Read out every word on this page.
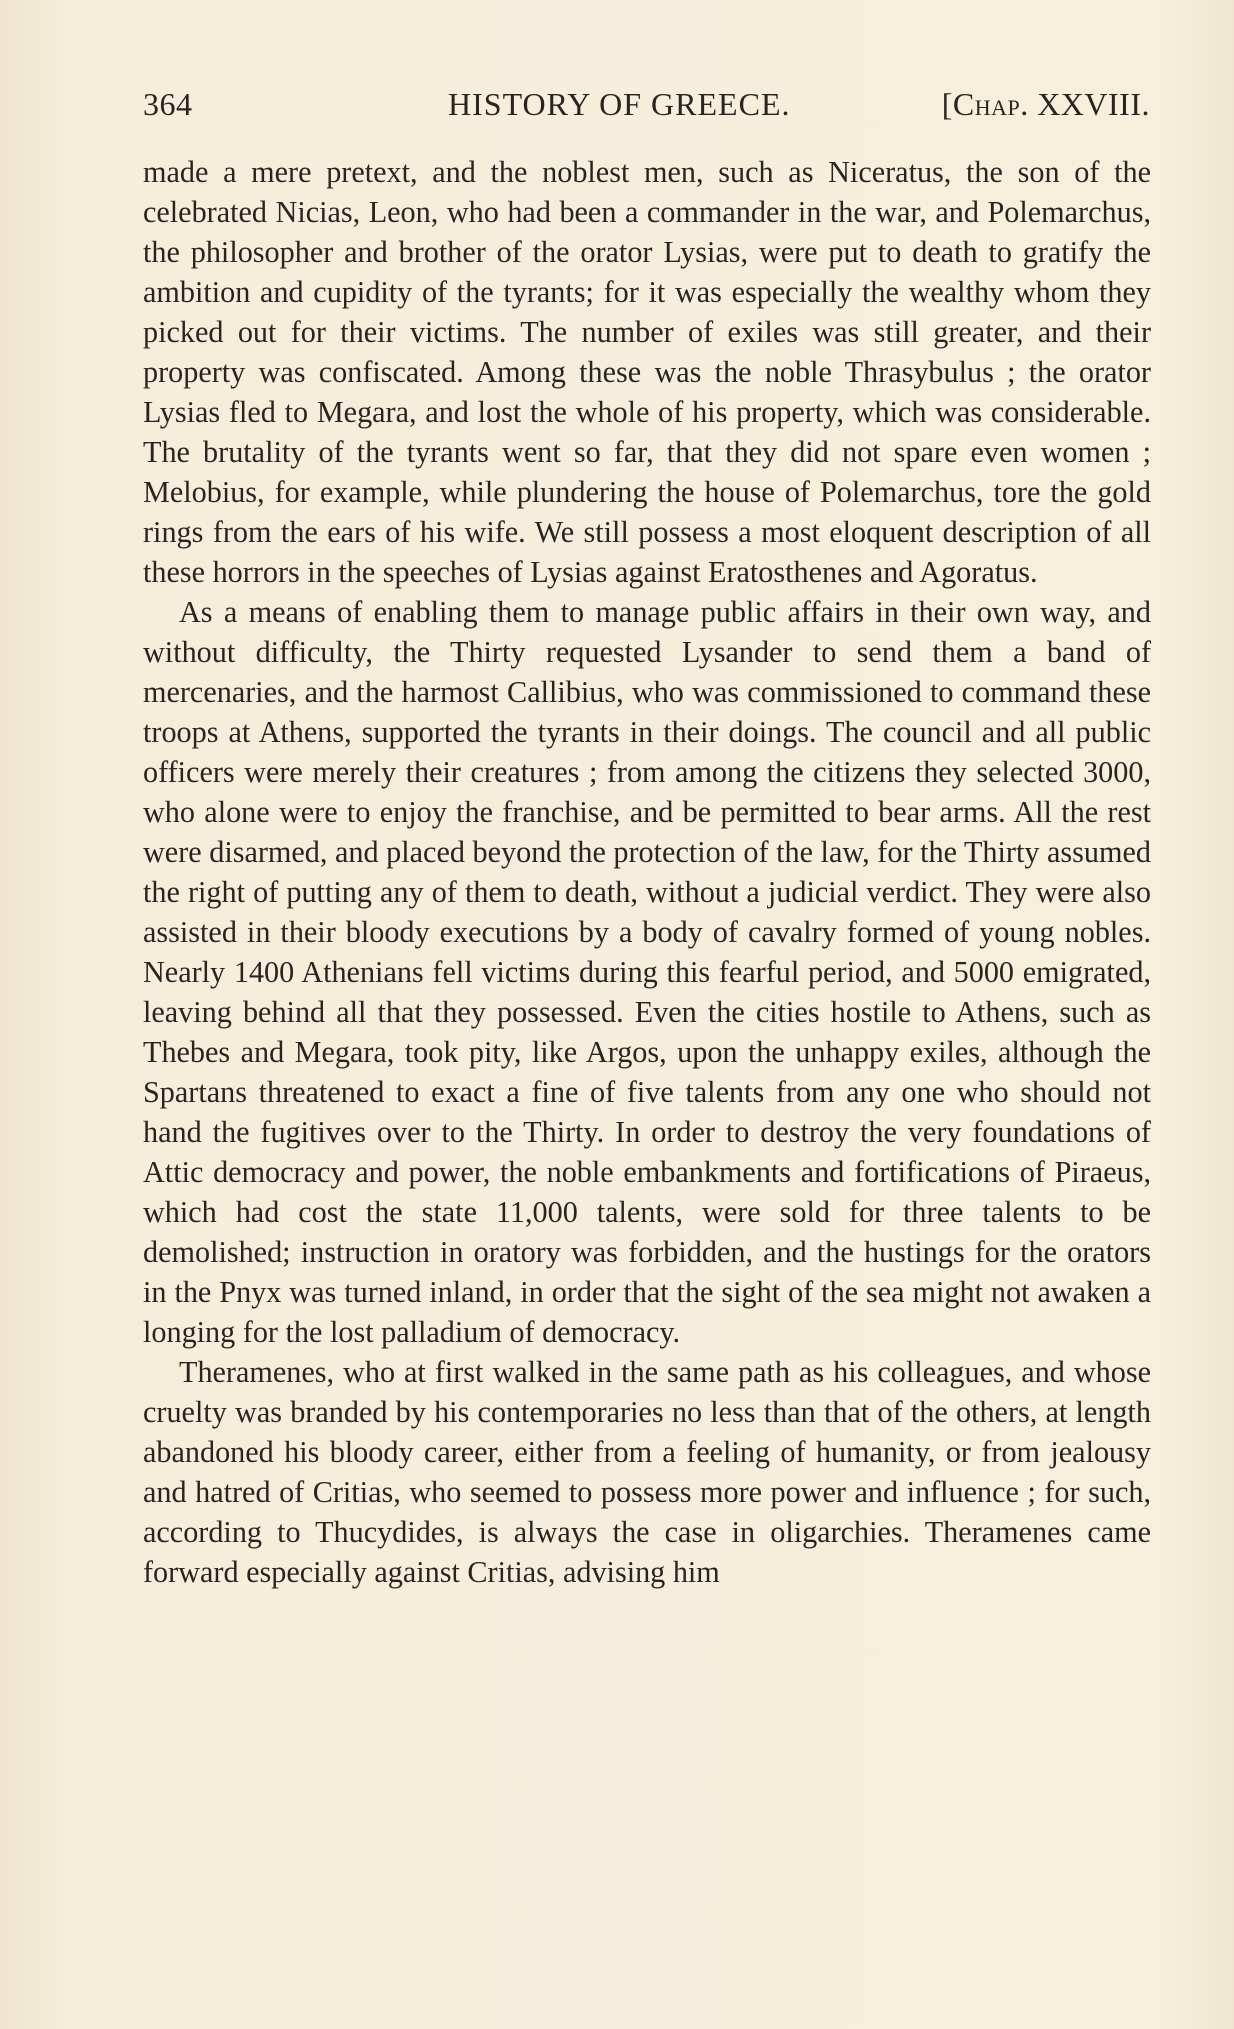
364	HISTORY OF GREECE.	[Chap. XXVIII.

made a mere pretext, and the noblest men, such as Niceratus, the son of the celebrated Nicias, Leon, who had been a commander in the war, and Polemarchus, the philosopher and brother of the orator Lysias, were put to death to gratify the ambition and cupidity of the tyrants; for it was especially the wealthy whom they picked out for their victims. The number of exiles was still greater, and their property was confiscated. Among these was the noble Thrasybulus ; the orator Lysias fled to Megara, and lost the whole of his property, which was considerable. The brutality of the tyrants went so far, that they did not spare even women ; Melobius, for example, while plundering the house of Polemarchus, tore the gold rings from the ears of his wife. We still possess a most eloquent description of all these horrors in the speeches of Lysias against Eratosthenes and Agoratus.

As a means of enabling them to manage public affairs in their own way, and without difficulty, the Thirty requested Lysander to send them a band of mercenaries, and the harmost Callibius, who was commissioned to command these troops at Athens, supported the tyrants in their doings. The council and all public officers were merely their creatures ; from among the citizens they selected 3000, who alone were to enjoy the franchise, and be permitted to bear arms. All the rest were disarmed, and placed beyond the protection of the law, for the Thirty assumed the right of putting any of them to death, without a judicial verdict. They were also assisted in their bloody executions by a body of cavalry formed of young nobles. Nearly 1400 Athenians fell victims during this fearful period, and 5000 emigrated, leaving behind all that they possessed. Even the cities hostile to Athens, such as Thebes and Megara, took pity, like Argos, upon the unhappy exiles, although the Spartans threatened to exact a fine of five talents from any one who should not hand the fugitives over to the Thirty. In order to destroy the very foundations of Attic democracy and power, the noble embankments and fortifications of Piraeus, which had cost the state 11,000 talents, were sold for three talents to be demolished; instruction in oratory was forbidden, and the hustings for the orators in the Pnyx was turned inland, in order that the sight of the sea might not awaken a longing for the lost palladium of democracy.

Theramenes, who at first walked in the same path as his colleagues, and whose cruelty was branded by his contemporaries no less than that of the others, at length abandoned his bloody career, either from a feeling of humanity, or from jealousy and hatred of Critias, who seemed to possess more power and influence ; for such, according to Thucydides, is always the case in oligarchies. Theramenes came forward especially against Critias, advising him
